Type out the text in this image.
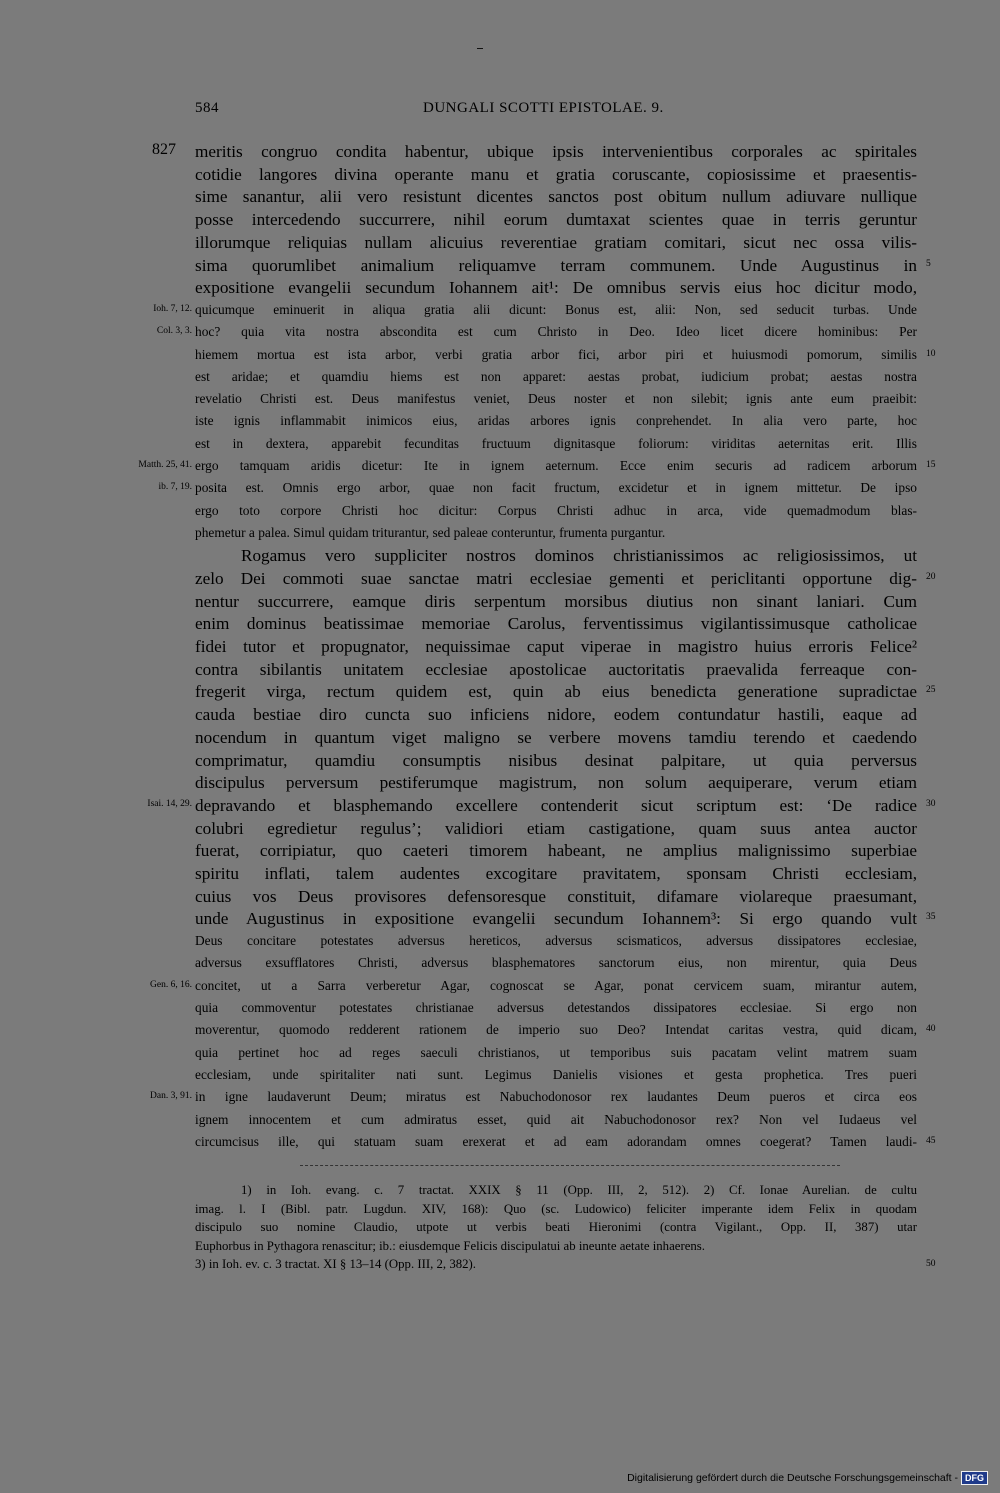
584	DUNGALI SCOTTI EPISTOLAE. 9.
827 meritis congruo condita habentur, ubique ipsis intervenientibus corporales ac spiritales
cotidie langores divina operante manu et gratia coruscante, copiosissime et praesentis-
sime sanantur, alii vero resistunt dicentes sanctos post obitum nullum adiuvare nullique
posse intercedendo succurrere, nihil eorum dumtaxat scientes quae in terris geruntur
illorumque reliquias nullam alicuius reverentiae gratiam comitari, sicut nec ossa vilis-
sima quorumlibet animalium reliquamve terram communem. Unde Augustinus in
expositione evangelii secundum Iohannem ait¹: De omnibus servis eius hoc dicitur modo,
quicumque eminuerit in aliqua gratia alii dicunt: Bonus est, alii: Non, sed seducit turbas. Unde
hoc? quia vita nostra abscondita est cum Christo in Deo. Ideo licet dicere hominibus: Per
hiemem mortua est ista arbor, verbi gratia arbor fici, arbor piri et huiusmodi pomorum, similis
est aridae; et quamdiu hiems est non apparet: aestas probat, iudicium probat; aestas nostra
revelatio Christi est. Deus manifestus veniet, Deus noster et non silebit; ignis ante eum praeibit:
iste ignis inflammabit inimicos eius, aridas arbores ignis conprehendet. In alia vero parte, hoc
est in dextera, apparebit fecunditas fructuum dignitasque foliorum: viriditas aeternitas erit. Illis
ergo tamquam aridis dicetur: Ite in ignem aeternum. Ecce enim securis ad radicem arborum
posita est. Omnis ergo arbor, quae non facit fructum, excidetur et in ignem mittetur. De ipso
ergo toto corpore Christi hoc dicitur: Corpus Christi adhuc in arca, vide quemadmodum blas-
phemetur a palea. Simul quidam triturantur, sed paleae conteruntur, frumenta purgantur.
Rogamus vero suppliciter nostros dominos christianissimos ac religiosissimos, ut
zelo Dei commoti suae sanctae matri ecclesiae gementi et periclitanti opportune dig-
nentur succurrere, eamque diris serpentum morsibus diutius non sinant laniari. Cum
enim dominus beatissimae memoriae Carolus, ferventissimus vigilantissimusque catholicae
fidei tutor et propugnator, nequissimae caput viperae in magistro huius erroris Felice²
contra sibilantis unitatem ecclesiae apostolicae auctoritatis praevalida ferreaque con-
fregerit virga, rectum quidem est, quin ab eius benedicta generatione supradictae
cauda bestiae diro cuncta suo inficiens nidore, eodem contundatur hastili, eaque ad
nocendum in quantum viget maligno se verbere movens tamdiu terendo et caedendo
comprimatur, quamdiu consumptis nisibus desinat palpitare, ut quia perversus
discipulus perversum pestiferumque magistrum, non solum aequiperare, verum etiam
depravando et blasphemando excellere contenderit sicut scriptum est: ‘De radice
colubri egredietur regulus’; validiori etiam castigatione, quam suus antea auctor
fuerat, corripiatur, quo caeteri timorem habeant, ne amplius malignissimo superbiae
spiritu inflati, talem audentes excogitare pravitatem, sponsam Christi ecclesiam,
cuius vos Deus provisores defensoresque constituit, difamare violareque praesumant,
unde Augustinus in expositione evangelii secundum Iohannem³: Si ergo quando vult
Deus concitare potestates adversus hereticos, adversus scismaticos, adversus dissipatores ecclesiae,
adversus exsufflatores Christi, adversus blasphematores sanctorum eius, non mirentur, quia Deus
concitet, ut a Sarra verberetur Agar, cognoscat se Agar, ponat cervicem suam, mirantur autem,
quia commoventur potestates christianae adversus detestandos dissipatores ecclesiae. Si ergo non
moverentur, quomodo redderent rationem de imperio suo Deo? Intendat caritas vestra, quid dicam,
quia pertinet hoc ad reges saeculi christianos, ut temporibus suis pacatam velint matrem suam
ecclesiam, unde spiritaliter nati sunt. Legimus Danielis visiones et gesta prophetica. Tres pueri
in igne laudaverunt Deum; miratus est Nabuchodonosor rex laudantes Deum pueros et circa eos
ignem innocentem et cum admiratus esset, quid ait Nabuchodonosor rex? Non vel Iudaeus vel
circumcisus ille, qui statuam suam erexerat et ad eam adorandam omnes coegerat? Tamen laudi-
Ioh. 7, 12.
Col. 3, 3.
Matth. 25, 41.
ib. 7, 19.
Isai. 14, 29.
Gen. 6, 16.
Dan. 3, 91.
5
10
15
20
25
30
35
40
45
1) in Ioh. evang. c. 7 tractat. XXIX § 11 (Opp. III, 2, 512). 2) Cf. Ionae Aurelian. de cultu
imag. l. I (Bibl. patr. Lugdun. XIV, 168): Quo (sc. Ludowico) feliciter imperante idem Felix in quodam
discipulo suo nomine Claudio, utpote ut verbis beati Hieronimi (contra Vigilant., Opp. II, 387) utar
Euphorbus in Pythagora renascitur; ib.: eiusdemque Felicis discipulatui ab ineunte aetate inhaerens.
3) in Ioh. ev. c. 3 tractat. XI § 13–14 (Opp. III, 2, 382).	50
Digitalisierung gefördert durch die Deutsche Forschungsgemeinschaft - DFG
